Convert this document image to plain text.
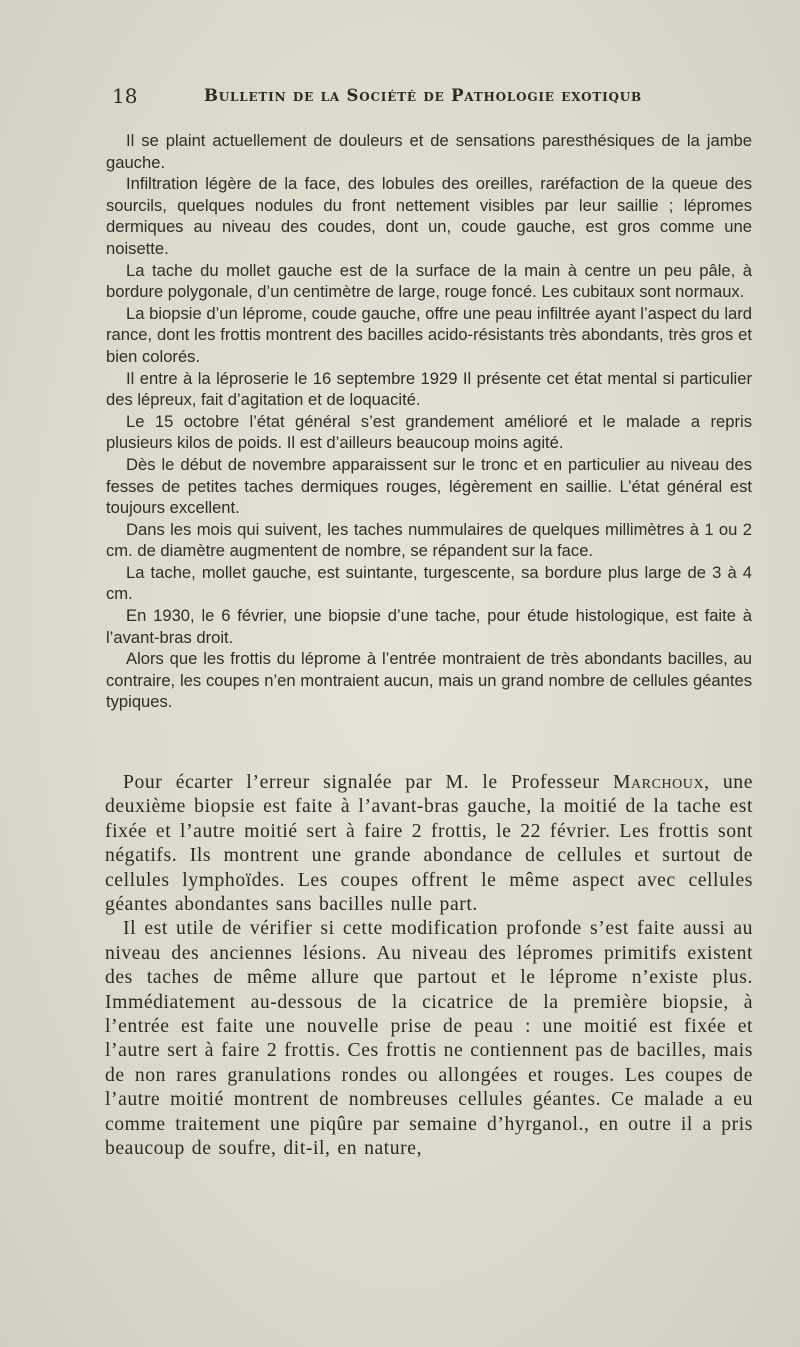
18	Bulletin de la Société de Pathologie exotiqub

Il se plaint actuellement de douleurs et de sensations paresthésiques de la jambe gauche.

Infiltration légère de la face, des lobules des oreilles, raréfaction de la queue des sourcils, quelques nodules du front nettement visibles par leur saillie ; lépromes dermiques au niveau des coudes, dont un, coude gauche, est gros comme une noisette.

La tache du mollet gauche est de la surface de la main à centre un peu pâle, à bordure polygonale, d’un centimètre de large, rouge foncé. Les cubitaux sont normaux.

La biopsie d’un lépromе, coude gauche, offre une peau infiltrée ayant l’aspect du lard rance, dont les frottis montrent des bacilles acido-résistants très abondants, très gros et bien colorés.

Il entre à la léproserie le 16 septembre 1929 Il présente cet état mental si particulier des lépreux, fait d’agitation et de loquacité.

Le 15 octobre l’état général s’est grandement amélioré et le malade a repris plusieurs kilos de poids. Il est d’ailleurs beaucoup moins agité.

Dès le début de novembre apparaissent sur le tronc et en particulier au niveau des fesses de petites taches dermiques rouges, légèrement en saillie. L’état général est toujours excellent.

Dans les mois qui suivent, les taches nummulaires de quelques millimètres à 1 ou 2 cm. de diamètre augmentent de nombre, se répandent sur la face.

La tache, mollet gauche, est suintante, turgescente, sa bordure plus large de 3 à 4 cm.

En 1930, le 6 février, une biopsie d’une tache, pour étude histologique, est faite à l’avant-bras droit.

Alors que les frottis du lépromе à l’entrée montraient de très abondants bacilles, au contraire, les coupes n’en montraient aucun, mais un grand nombre de cellules géantes typiques.

Pour écarter l’erreur signalée par M. le Professeur Marchoux, une deuxième biopsie est faite à l’avant-bras gauche, la moitié de la tache est fixée et l’autre moitié sert à faire 2 frottis, le 22 février. Les frottis sont négatifs. Ils montrent une grande abondance de cellules et surtout de cellules lymphoïdes. Les coupes offrent le même aspect avec cellules géantes abondantes sans bacilles nulle part.

Il est utile de vérifier si cette modification profonde s’est faite aussi au niveau des anciennes lésions. Au niveau des lépromes primitifs existent des taches de même allure que partout et le léprome n’existe plus. Immédiatement au-dessous de la cicatrice de la première biopsie, à l’entrée est faite une nouvelle prise de peau : une moitié est fixée et l’autre sert à faire 2 frottis. Ces frottis ne contiennent pas de bacilles, mais de non rares granulations rondes ou allongées et rouges. Les coupes de l’autre moitié montrent de nombreuses cellules géantes. Ce malade a eu comme traitement une piqûre par semaine d’hyrganol., en outre il a pris beaucoup de soufre, dit-il, en nature,
